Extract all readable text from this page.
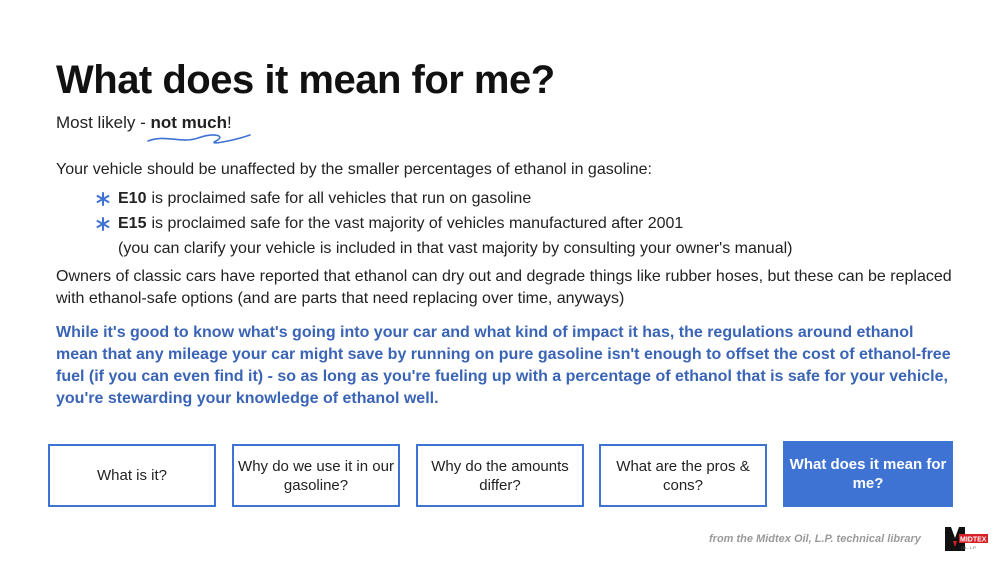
What does it mean for me?
Most likely - not much
!
Your vehicle should be unaffected by the smaller percentages of ethanol in gasoline:
E10 is proclaimed safe for all vehicles that run on gasoline
E15 is proclaimed safe for the vast majority of vehicles manufactured after 2001
(you can clarify your vehicle is included in that vast majority by consulting your owner's manual)
Owners of classic cars have reported that ethanol can dry out and degrade things like rubber hoses, but these can be replaced with ethanol-safe options (and are parts that need replacing over time, anyways)
While it's good to know what's going into your car and what kind of impact it has, the regulations around ethanol mean that any mileage your car might save by running on pure gasoline isn't enough to offset the cost of ethanol-free fuel (if you can even find it) - so as long as you're fueling up with a percentage of ethanol that is safe for your vehicle, you're stewarding your knowledge of ethanol well.
What is it?
Why do we use it in our gasoline?
Why do the amounts differ?
What are the pros & cons?
What does it mean for me?
from the Midtex Oil, L.P. technical library	MIDTEX
OIL, L.P.
